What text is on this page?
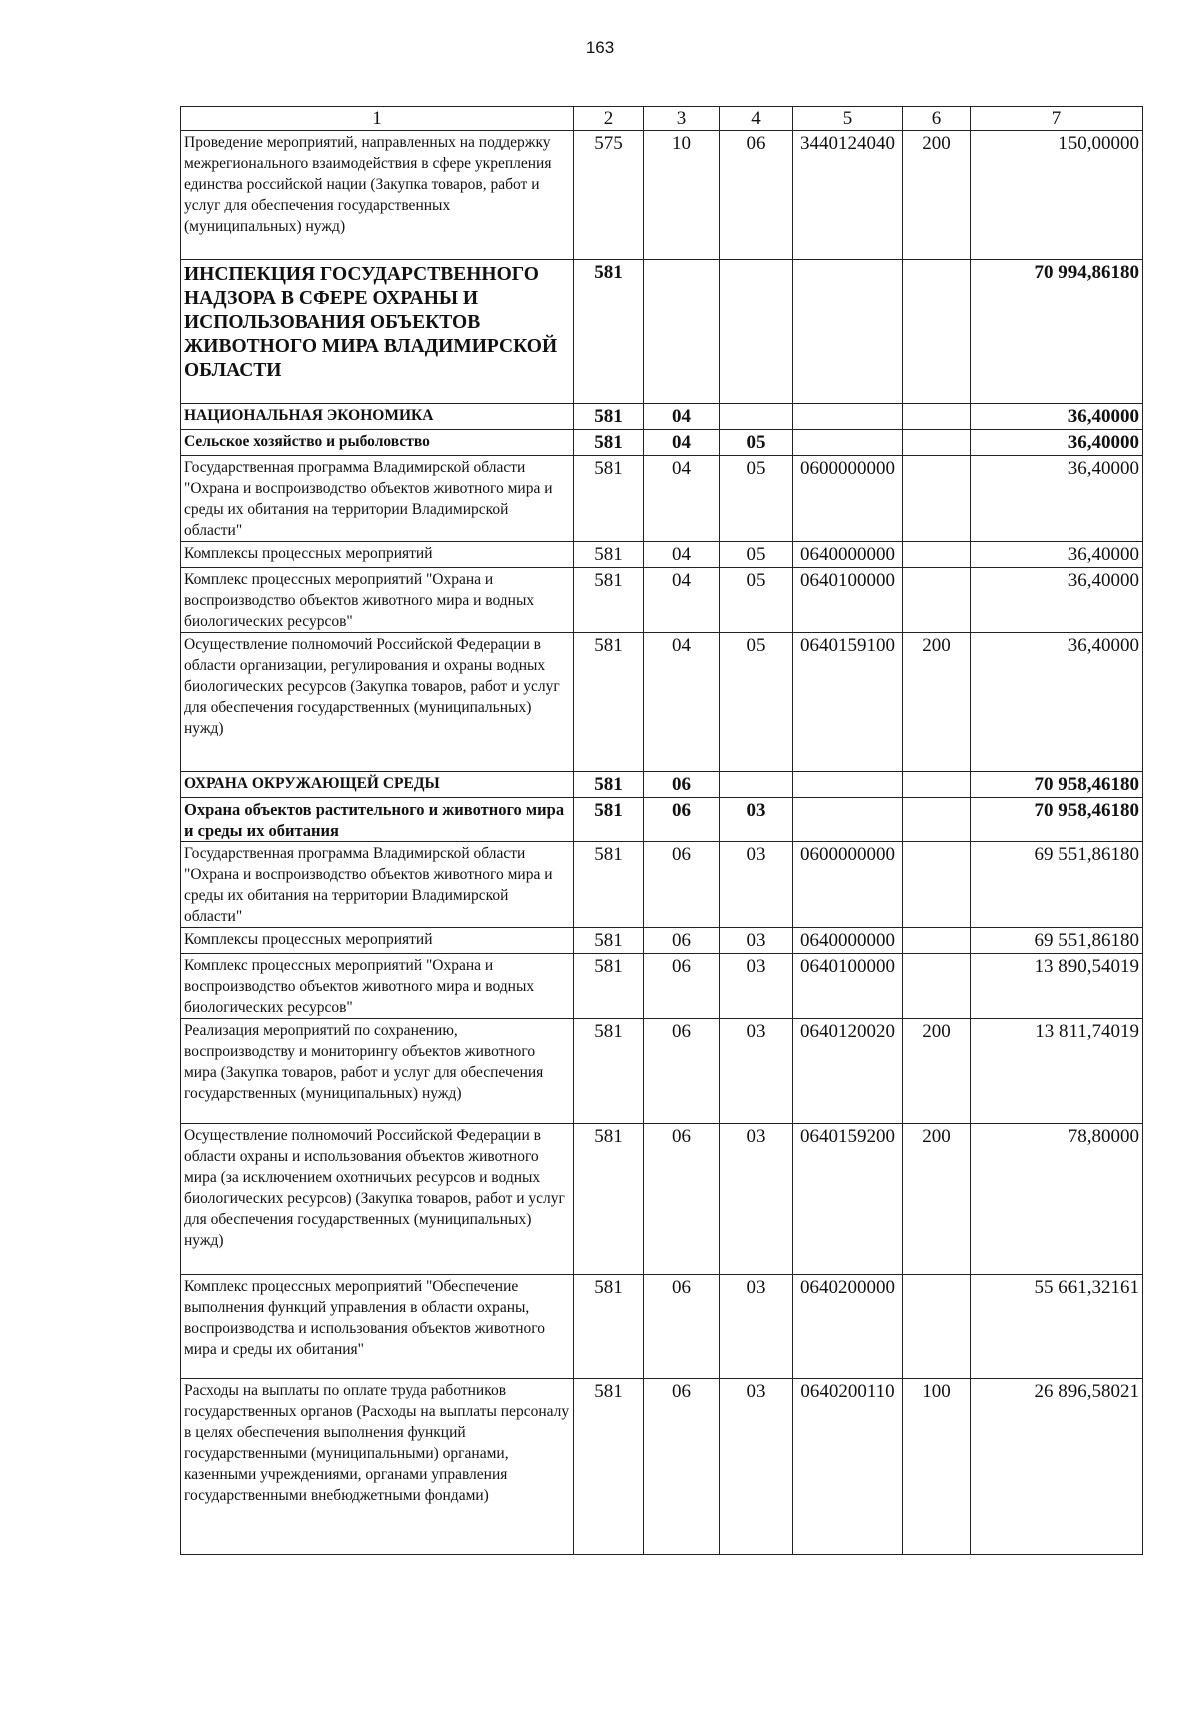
163
1	2	3	4	5	6	7
Проведение мероприятий, направленных на поддержку межрегионального взаимодействия в сфере укрепления единства российской нации (Закупка товаров, работ и услуг для обеспечения государственных (муниципальных) нужд)	575	10	06	3440124040	200	150,00000
ИНСПЕКЦИЯ ГОСУДАРСТВЕННОГО НАДЗОРА В СФЕРЕ ОХРАНЫ И ИСПОЛЬЗОВАНИЯ ОБЪЕКТОВ ЖИВОТНОГО МИРА ВЛАДИМИРСКОЙ ОБЛАСТИ	581					70 994,86180
НАЦИОНАЛЬНАЯ ЭКОНОМИКА	581	04				36,40000
Сельское хозяйство и рыболовство	581	04	05			36,40000
Государственная программа Владимирской области "Охрана и воспроизводство объектов животного мира и среды их обитания на территории Владимирской области"	581	04	05	0600000000		36,40000
Комплексы процессных мероприятий	581	04	05	0640000000		36,40000
Комплекс процессных мероприятий "Охрана и воспроизводство объектов животного мира и водных биологических ресурсов"	581	04	05	0640100000		36,40000
Осуществление полномочий Российской Федерации в области организации, регулирования и охраны водных биологических ресурсов (Закупка товаров, работ и услуг для обеспечения государственных (муниципальных) нужд)	581	04	05	0640159100	200	36,40000
ОХРАНА ОКРУЖАЮЩЕЙ СРЕДЫ	581	06				70 958,46180
Охрана объектов растительного и животного мира и среды их обитания	581	06	03			70 958,46180
Государственная программа Владимирской области "Охрана и воспроизводство объектов животного мира и среды их обитания на территории Владимирской области"	581	06	03	0600000000		69 551,86180
Комплексы процессных мероприятий	581	06	03	0640000000		69 551,86180
Комплекс процессных мероприятий "Охрана и воспроизводство объектов животного мира и водных биологических ресурсов"	581	06	03	0640100000		13 890,54019
Реализация мероприятий по сохранению, воспроизводству и мониторингу объектов животного мира (Закупка товаров, работ и услуг для обеспечения государственных (муниципальных) нужд)	581	06	03	0640120020	200	13 811,74019
Осуществление полномочий Российской Федерации в области охраны и использования объектов животного мира (за исключением охотничьих ресурсов и водных биологических ресурсов) (Закупка товаров, работ и услуг для обеспечения государственных (муниципальных) нужд)	581	06	03	0640159200	200	78,80000
Комплекс процессных мероприятий "Обеспечение выполнения функций управления в области охраны, воспроизводства и использования объектов животного мира и среды их обитания"	581	06	03	0640200000		55 661,32161
Расходы на выплаты по оплате труда работников государственных органов (Расходы на выплаты персоналу в целях обеспечения выполнения функций государственными (муниципальными) органами, казенными учреждениями, органами управления государственными внебюджетными фондами)	581	06	03	0640200110	100	26 896,58021
